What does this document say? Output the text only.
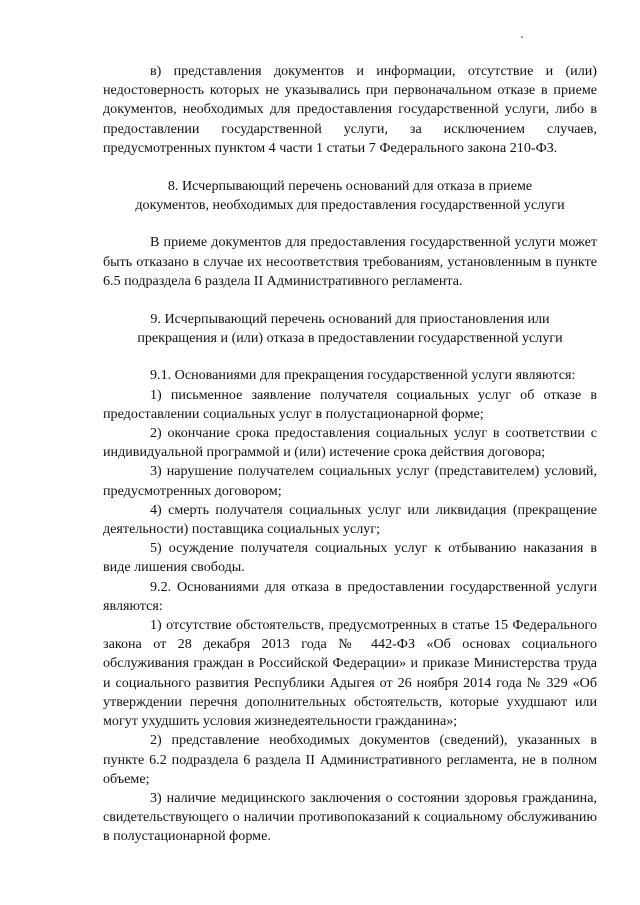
в) представления документов и информации, отсутствие и (или) недостоверность которых не указывались при первоначальном отказе в приеме документов, необходимых для предоставления государственной услуги, либо в предоставлении государственной услуги, за исключением случаев, предусмотренных пунктом 4 части 1 статьи 7 Федерального закона 210-ФЗ.

8. Исчерпывающий перечень оснований для отказа в приеме
документов, необходимых для предоставления государственной услуги

В приеме документов для предоставления государственной услуги может быть отказано в случае их несоответствия требованиям, установленным в пункте 6.5 подраздела 6 раздела II Административного регламента.

9. Исчерпывающий перечень оснований для приостановления или
прекращения и (или) отказа в предоставлении государственной услуги

9.1. Основаниями для прекращения государственной услуги являются:

1) письменное заявление получателя социальных услуг об отказе в предоставлении социальных услуг в полустационарной форме;

2) окончание срока предоставления социальных услуг в соответствии с индивидуальной программой и (или) истечение срока действия договора;

3) нарушение получателем социальных услуг (представителем) условий, предусмотренных договором;

4) смерть получателя социальных услуг или ликвидация (прекращение деятельности) поставщика социальных услуг;

5) осуждение получателя социальных услуг к отбыванию наказания в виде лишения свободы.

9.2. Основаниями для отказа в предоставлении государственной услуги являются:

1) отсутствие обстоятельств, предусмотренных в статье 15 Федерального закона от 28 декабря 2013 года № 442-ФЗ «Об основах социального обслуживания граждан в Российской Федерации» и приказе Министерства труда и социального развития Республики Адыгея от 26 ноября 2014 года № 329 «Об утверждении перечня дополнительных обстоятельств, которые ухудшают или могут ухудшить условия жизнедеятельности гражданина»;

2) представление необходимых документов (сведений), указанных в пункте 6.2 подраздела 6 раздела II Административного регламента, не в полном объеме;

3) наличие медицинского заключения о состоянии здоровья гражданина, свидетельствующего о наличии противопоказаний к социальному обслуживанию в полустационарной форме.
